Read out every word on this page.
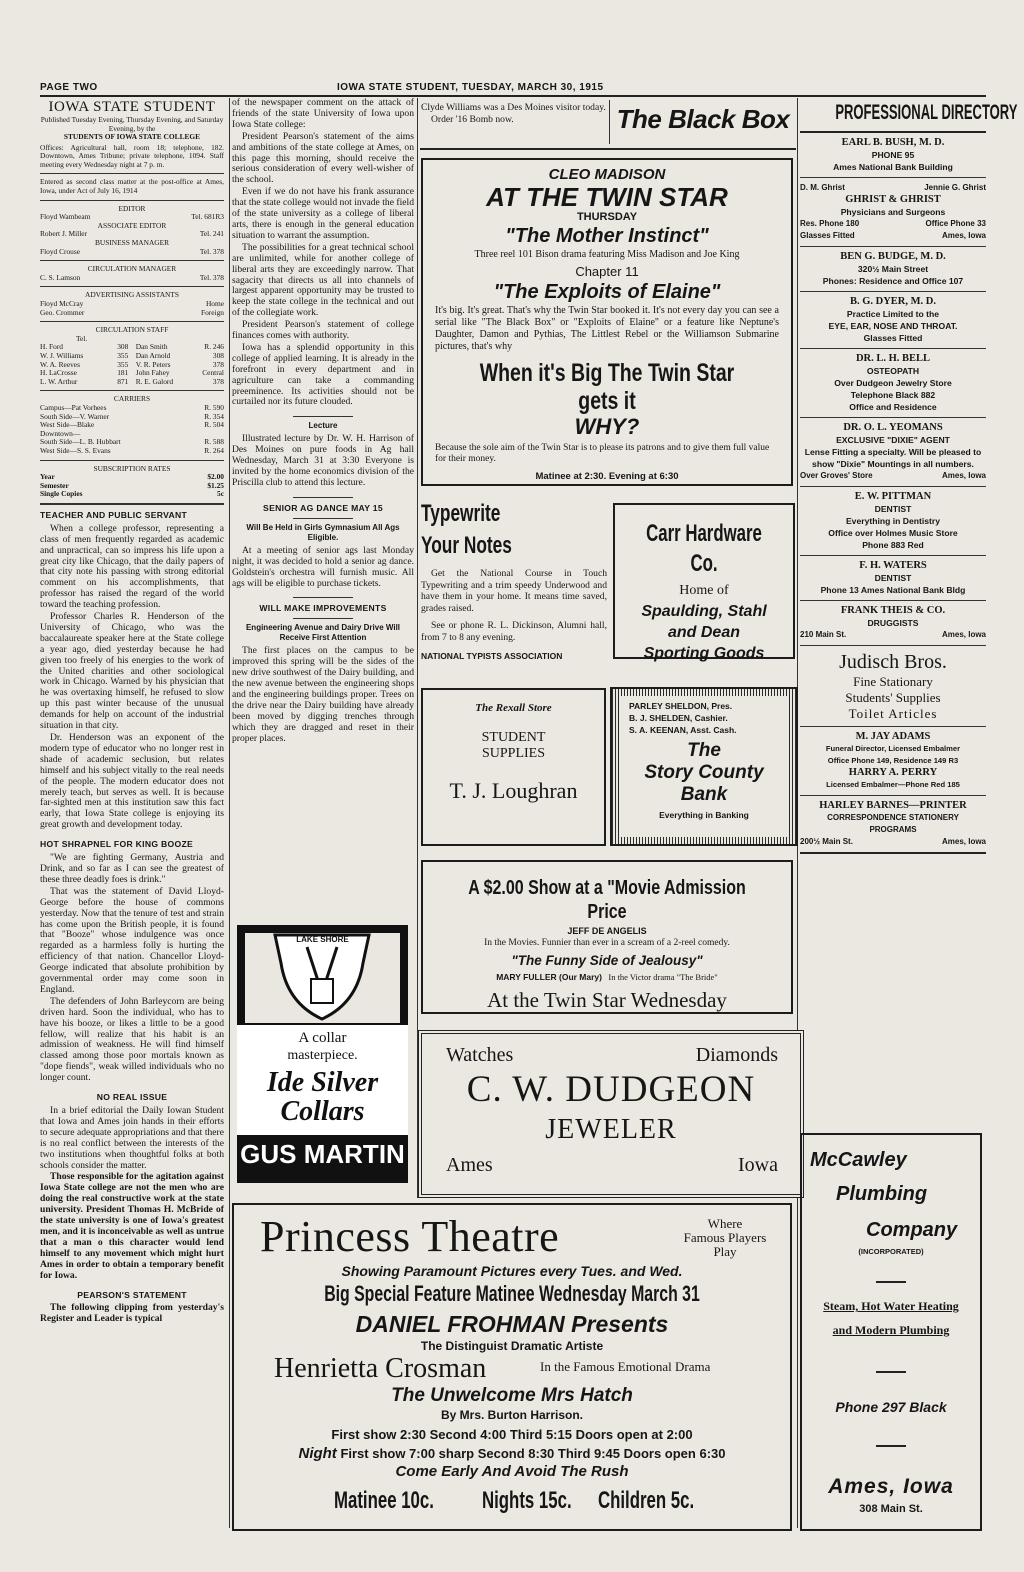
PAGE TWO	IOWA STATE STUDENT, TUESDAY, MARCH 30, 1915
IOWA STATE STUDENT
Published Tuesday Evening, Thursday Evening, and Saturday Evening, by the
STUDENTS OF IOWA STATE COLLEGE
Offices: Agricultural hall, room 18; telephone, 182. Downtown, Ames Tribune; private telephone, 1094. Staff meeting every Wednesday night at 7 p. m.
Entered as second class matter at the post-office at Ames, Iowa, under Act of July 16, 1914
EDITOR
Floyd Wambeam	Tel. 681R3
ASSOCIATE EDITOR
Robert J. Miller	Tel. 241
BUSINESS MANAGER
Floyd Crouse	Tel. 378
CIRCULATION MANAGER
C. S. Lamson	Tel. 378
ADVERTISING ASSISTANTS
Floyd McCray	Home
Geo. Crommer	Foreign
CIRCULATION STAFF
Tel.
H. Ford	308 Dan Smith	R. 246
W. J. Williams	355 Dan Arnold	308
W. A. Reeves	355 V. R. Peters	378
H. LaCrosse	181 John Fahey	Central
L. W. Arthur	871 R. E. Galord	378
CARRIERS
Campus—Pat Vorhees	R. 590
South Side—V. Warner	R. 354
West Side—Blake	R. 504
Downtown—
South Side—L. B. Hubbart	R. 588
West Side—S. S. Evans	R. 264
SUBSCRIPTION RATES
Year	$2.00
Semester	$1.25
Single Copies	5c
TEACHER AND PUBLIC SERVANT

When a college professor, representing a class of men frequently regarded as academic and unpractical, can so impress his life upon a great city like Chicago, that the daily papers of that city note his passing with strong editorial comment on his accomplishments, that professor has raised the regard of the world toward the teaching profession.

Professor Charles R. Henderson of the University of Chicago, who was the baccalaureate speaker here at the State college a year ago, died yesterday because he had given too freely of his energies to the work of the United charities and other sociological work in Chicago. Warned by his physician that he was overtaxing himself, he refused to slow up this past winter because of the unusual demands for help on account of the industrial situation in that city.

Dr. Henderson was an exponent of the modern type of educator who no longer rest in shade of academic seclusion, but relates himself and his subject vitally to the real needs of the people. The modern educator does not merely teach, but serves as well. It is because far-sighted men at this institution saw this fact early, that Iowa State college is enjoying its great growth and development today.

HOT SHRAPNEL FOR KING BOOZE

"We are fighting Germany, Austria and Drink, and so far as I can see the greatest of these three deadly foes is drink."

That was the statement of David Lloyd-George before the house of commons yesterday. Now that the tenure of test and strain has come upon the British people, it is found that "Booze" whose indulgence was once regarded as a harmless folly is hurting the efficiency of that nation. Chancellor Lloyd-George indicated that absolute prohibition by governmental order may come soon in England.

The defenders of John Barleycorn are being driven hard. Soon the individual, who has to have his booze, or likes a little to be a good fellow, will realize that his habit is an admission of weakness. He will find himself classed among those poor mortals known as "dope fiends", weak willed individuals who no longer count.

NO REAL ISSUE

In a brief editorial the Daily Iowan Student that Iowa and Ames join hands in their efforts to secure adequate appropriations and that there is no real conflict between the interests of the two institutions when thoughtful folks at both schools consider the matter.

Those responsible for the agitation against Iowa State college are not the men who are doing the real constructive work at the state university. President Thomas H. McBride of the state university is one of Iowa's greatest men, and it is inconceivable as well as untrue that a man o this character would lend himself to any movement which might hurt Ames in order to obtain a temporary benefit for Iowa.

PEARSON'S STATEMENT

The following clipping from yesterday's Register and Leader is typical

of the newspaper comment on the attack of friends of the state University of Iowa upon Iowa State college:

President Pearson's statement of the aims and ambitions of the state college at Ames, on this page this morning, should receive the serious consideration of every well-wisher of the school.

Even if we do not have his frank assurance that the state college would not invade the field of the state university as a college of liberal arts, there is enough in the general education situation to warrant the assumption.

The possibilities for a great technical school are unlimited, while for another college of liberal arts they are exceedingly narrow. That sagacity that directs us all into channels of largest apparent opportunity may be trusted to keep the state college in the technical and out of the collegiate work.

President Pearson's statement of college finances comes with authority.

Iowa has a splendid opportunity in this college of applied learning. It is already in the forefront in every department and in agriculture can take a commanding preeminence. Its activities should not be curtailed nor its future clouded.

Lecture

Illustrated lecture by Dr. W. H. Harrison of Des Moines on pure foods in Ag hall Wednesday, March 31 at 3:30 Everyone is invited by the home economics division of the Priscilla club to attend this lecture.

SENIOR AG DANCE MAY 15
Will Be Held in Girls Gymnasium All Ags Eligible.

At a meeting of senior ags last Monday night, it was decided to hold a senior ag dance. Goldstein's orchestra will furnish music. All ags will be eligible to purchase tickets.

WILL MAKE IMPROVEMENTS
Engineering Avenue and Dairy Drive Will Receive First Attention

The first places on the campus to be improved this spring will be the sides of the new drive southwest of the Dairy building, and the new avenue between the engineering shops and the engineering buildings proper. Trees on the drive near the Dairy building have already been moved by digging trenches through which they are dragged and reset in their proper places.

LAKE SHORE
A collar
masterpiece.
Ide Silver
Collars
GUS MARTIN

Clyde Williams was a Des Moines visitor today.

Order '16 Bomb now.	The Black Box
CLEO MADISON
AT THE TWIN STAR
THURSDAY
"The Mother Instinct"
Three reel 101 Bison drama featuring Miss Madison and Joe King
Chapter 11
"The Exploits of Elaine"
It's big. It's great. That's why the Twin Star booked it. It's not every day you can see a serial like "The Black Box" or "Exploits of Elaine" or a feature like Neptune's Daughter, Damon and Pythias, The Littlest Rebel or the Williamson Submarine pictures, that's why
When it's Big The Twin Star gets it
WHY?
Because the sole aim of the Twin Star is to please its patrons and to give them full value for their money.
Matinee at 2:30. Evening at 6:30
Typewrite
Your Notes
Get the National Course in Touch Typewriting and a trim speedy Underwood and have them in your home. It means time saved, grades raised.
See or phone R. L. Dickinson, Alumni hall, from 7 to 8 any evening.
NATIONAL TYPISTS ASSOCIATION
Carr Hardware Co.
Home of
Spaulding, Stahl
and Dean
Sporting Goods
The Rexall Store
STUDENT
SUPPLIES
T. J. Loughran
PARLEY SHELDON, Pres.
B. J. SHELDEN, Cashier.
S. A. KEENAN, Asst. Cash.
The
Story County
Bank
Everything in Banking
A $2.00 Show at a "Movie Admission Price
JEFF DE ANGELIS
In the Movies. Funnier than ever in a scream of a 2-reel comedy.
"The Funny Side of Jealousy"
MARY FULLER (Our Mary) In the Victor drama "The Bride"
At the Twin Star Wednesday
Watches	Diamonds
C. W. DUDGEON
JEWELER
Ames	Iowa
Princess Theatre	Where
Famous Players
Play
Showing Paramount Pictures every Tues. and Wed.
Big Special Feature Matinee Wednesday March 31
DANIEL FROHMAN Presents
The Distinguist Dramatic Artiste
Henrietta Crosman	In the Famous Emotional Drama
The Unwelcome Mrs Hatch
By Mrs. Burton Harrison.
First show 2:30 Second 4:00 Third 5:15 Doors open at 2:00
Night First show 7:00 sharp Second 8:30 Third 9:45 Doors open 6:30
Come Early And Avoid The Rush
Matinee 10c. Nights 15c. Children 5c.
PROFESSIONAL DIRECTORY
EARL B. BUSH, M. D.
PHONE 95
Ames National Bank Building
D. M. Ghrist	Jennie G. Ghrist
GHRIST & GHRIST
Physicians and Surgeons
Res. Phone 180	Office Phone 33
Glasses Fitted	Ames, Iowa
BEN G. BUDGE, M. D.
320½ Main Street
Phones: Residence and Office 107
B. G. DYER, M. D.
Practice Limited to the
EYE, EAR, NOSE AND THROAT.
Glasses Fitted
DR. L. H. BELL
OSTEOPATH
Over Dudgeon Jewelry Store
Telephone Black 882
Office and Residence
DR. O. L. YEOMANS
EXCLUSIVE "DIXIE" AGENT
Lense Fitting a specialty. Will be pleased to show "Dixie" Mountings in all numbers.
Over Groves' Store	Ames, Iowa
E. W. PITTMAN
DENTIST
Everything in Dentistry
Office over Holmes Music Store
Phone 883 Red
F. H. WATERS
DENTIST
Phone 13 Ames National Bank Bldg
FRANK THEIS & CO.
DRUGGISTS
210 Main St.	Ames, Iowa
Judisch Bros.
Fine Stationary
Students' Supplies
Toilet Articles
M. JAY ADAMS
Funeral Director, Licensed Embalmer
Office Phone 149, Residence 149 R3
HARRY A. PERRY
Licensed Embalmer—Phone Red 185
HARLEY BARNES—PRINTER
CORRESPONDENCE STATIONERY
PROGRAMS
200½ Main St.	Ames, Iowa
McCawley
Plumbing
Company
(INCORPORATED)
Steam, Hot Water Heating
and Modern Plumbing
Phone 297 Black
Ames, Iowa
308 Main St.
